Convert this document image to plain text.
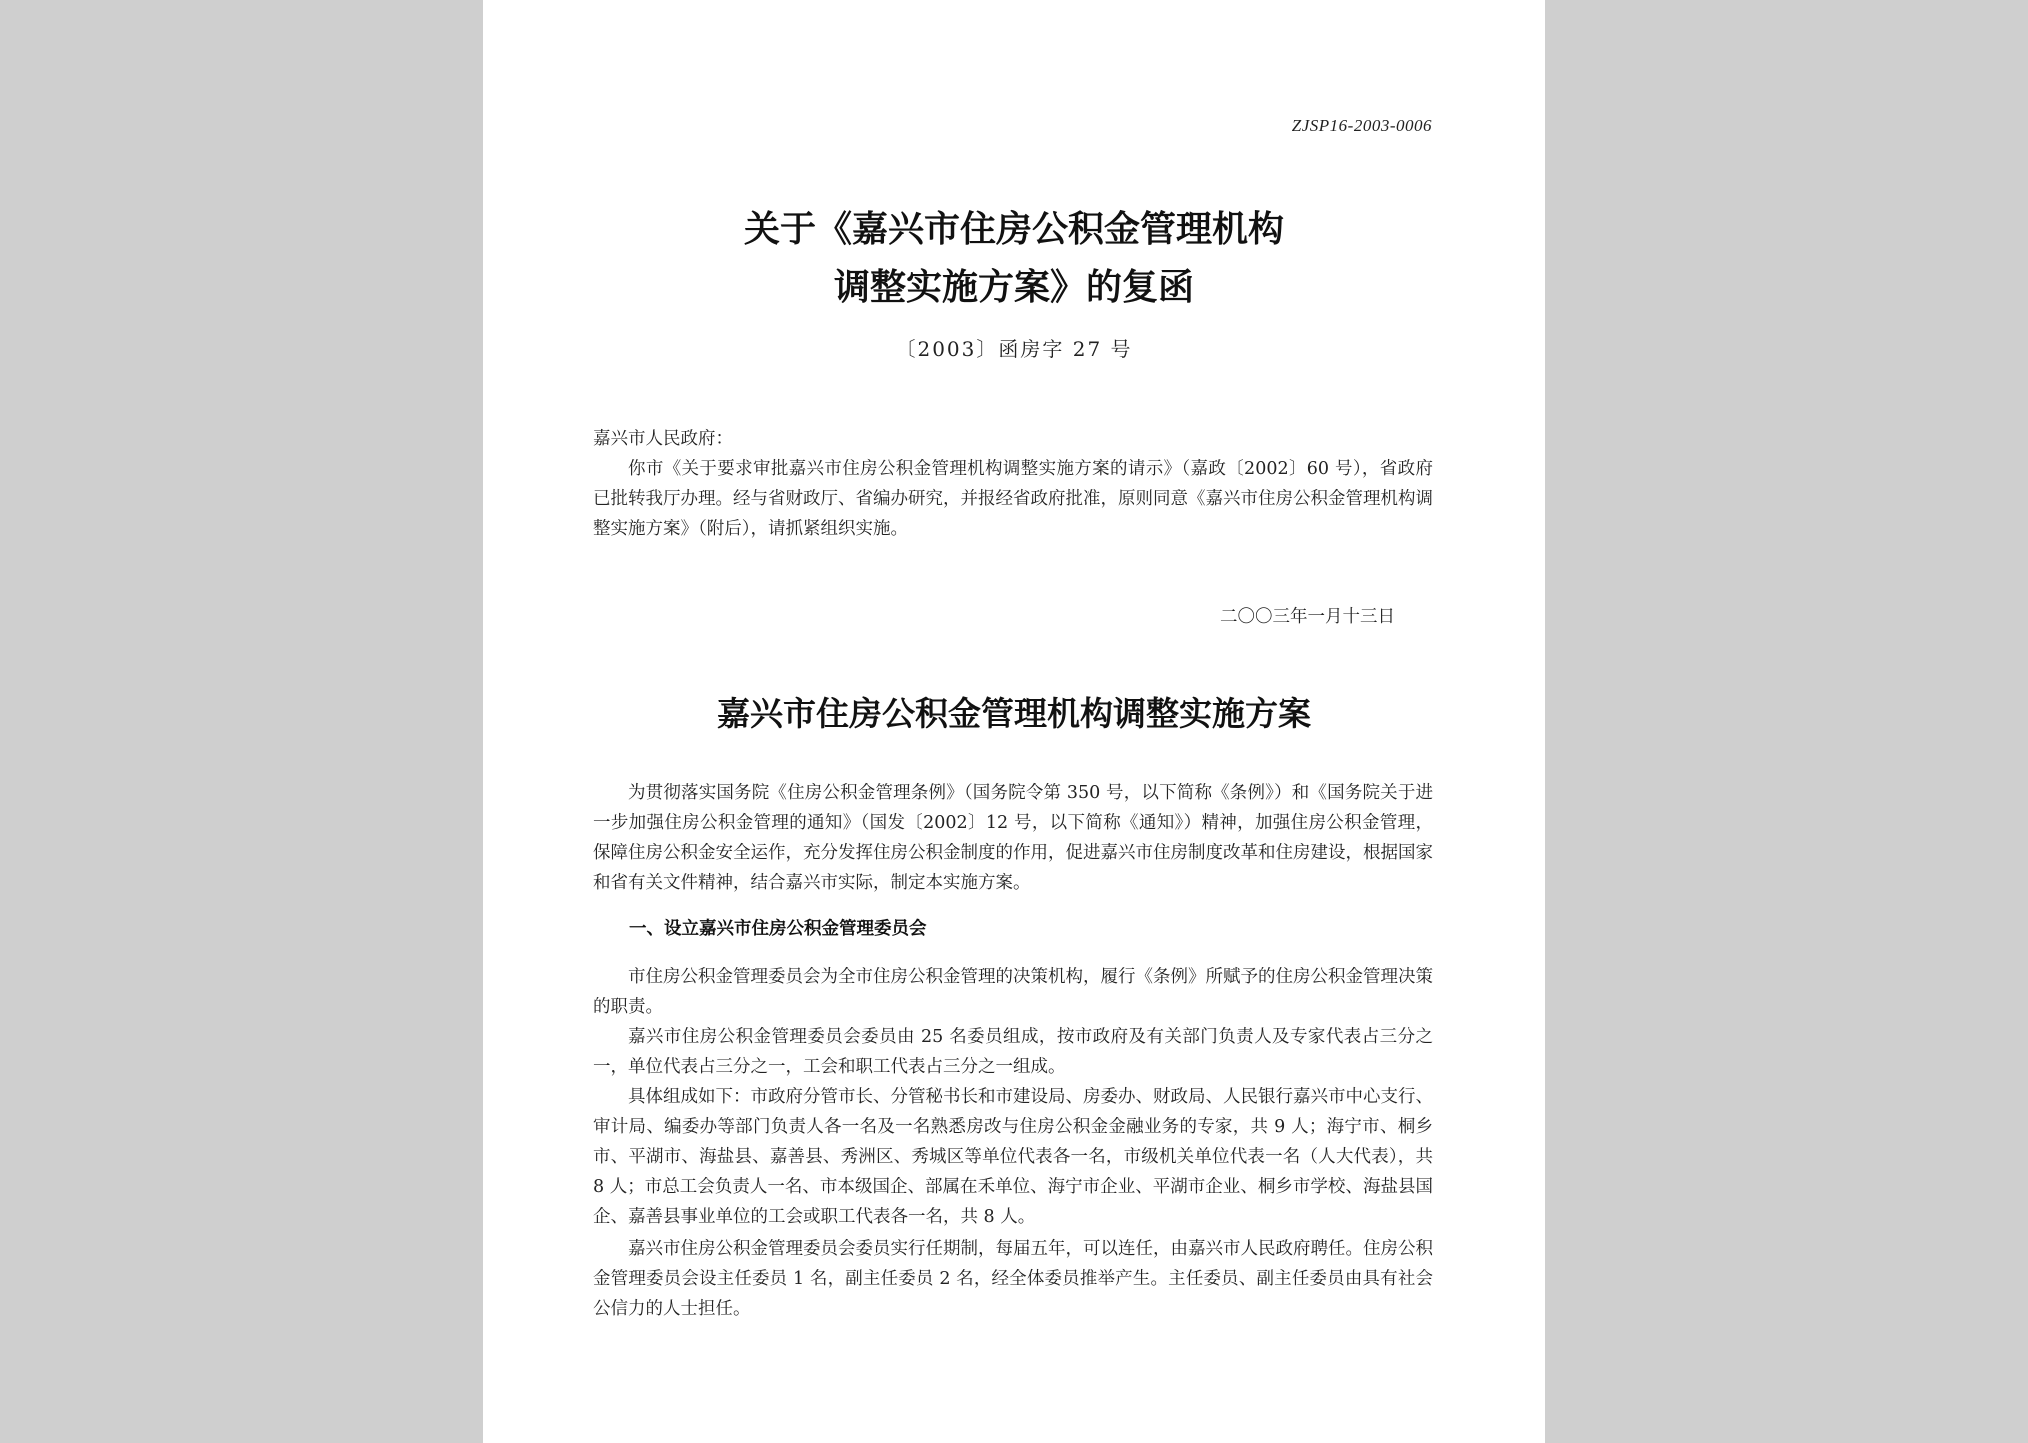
ZJSP16-2003-0006
关于《嘉兴市住房公积金管理机构
调整实施方案》的复函
〔2003〕函房字 27 号
嘉兴市人民政府：
你市《关于要求审批嘉兴市住房公积金管理机构调整实施方案的请示》（嘉政〔2002〕60 号），省政府已批转我厅办理。经与省财政厅、省编办研究，并报经省政府批准，原则同意《嘉兴市住房公积金管理机构调整实施方案》（附后），请抓紧组织实施。
二〇〇三年一月十三日
嘉兴市住房公积金管理机构调整实施方案
为贯彻落实国务院《住房公积金管理条例》（国务院令第 350 号，以下简称《条例》）和《国务院关于进一步加强住房公积金管理的通知》（国发〔2002〕12 号，以下简称《通知》）精神，加强住房公积金管理，保障住房公积金安全运作，充分发挥住房公积金制度的作用，促进嘉兴市住房制度改革和住房建设，根据国家和省有关文件精神，结合嘉兴市实际，制定本实施方案。
一、设立嘉兴市住房公积金管理委员会
市住房公积金管理委员会为全市住房公积金管理的决策机构，履行《条例》所赋予的住房公积金管理决策的职责。
嘉兴市住房公积金管理委员会委员由 25 名委员组成，按市政府及有关部门负责人及专家代表占三分之一，单位代表占三分之一，工会和职工代表占三分之一组成。
具体组成如下：市政府分管市长、分管秘书长和市建设局、房委办、财政局、人民银行嘉兴市中心支行、审计局、编委办等部门负责人各一名及一名熟悉房改与住房公积金金融业务的专家，共 9 人；海宁市、桐乡市、平湖市、海盐县、嘉善县、秀洲区、秀城区等单位代表各一名，市级机关单位代表一名（人大代表），共 8 人；市总工会负责人一名、市本级国企、部属在禾单位、海宁市企业、平湖市企业、桐乡市学校、海盐县国企、嘉善县事业单位的工会或职工代表各一名，共 8 人。
嘉兴市住房公积金管理委员会委员实行任期制，每届五年，可以连任，由嘉兴市人民政府聘任。住房公积金管理委员会设主任委员 1 名，副主任委员 2 名，经全体委员推举产生。主任委员、副主任委员由具有社会公信力的人士担任。
